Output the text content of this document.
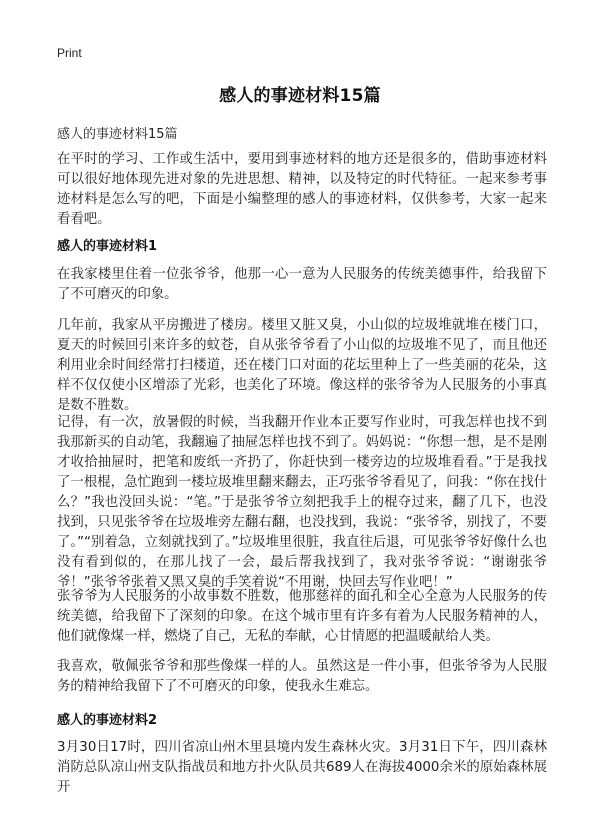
Print
感人的事迹材料15篇
感人的事迹材料15篇

在平时的学习、工作或生活中，要用到事迹材料的地方还是很多的，借助事迹材料可以很好地体现先进对象的先进思想、精神，以及特定的时代特征。一起来参考事迹材料是怎么写的吧，下面是小编整理的感人的事迹材料，仅供参考，大家一起来看看吧。

感人的事迹材料1

在我家楼里住着一位张爷爷，他那一心一意为人民服务的传统美德事件，给我留下了不可磨灭的印象。

几年前，我家从平房搬进了楼房。楼里又脏又臭，小山似的垃圾堆就堆在楼门口，夏天的时候回引来许多的蚊苍，自从张爷爷看了小山似的垃圾堆不见了，而且他还利用业余时间经常打扫楼道，还在楼门口对面的花坛里种上了一些美丽的花朵，这样不仅仅使小区增添了光彩，也美化了环境。像这样的张爷爷为人民服务的小事真是数不胜数。

记得，有一次，放暑假的时候，当我翻开作业本正要写作业时，可我怎样也找不到我那新买的自动笔，我翻遍了抽屉怎样也找不到了。妈妈说：“你想一想，是不是刚才收拾抽屉时，把笔和废纸一齐扔了，你赶快到一楼旁边的垃圾堆看看。”于是我找了一根棍，急忙跑到一楼垃圾堆里翻来翻去，正巧张爷爷看见了，问我：“你在找什么？”我也没回头说：“笔。”于是张爷爷立刻把我手上的棍夺过来，翻了几下，也没找到，只见张爷爷在垃圾堆旁左翻右翻，也没找到，我说：“张爷爷，别找了，不要了。”“别着急，立刻就找到了。”垃圾堆里很脏，我直往后退，可见张爷爷好像什么也没有看到似的，在那儿找了一会，最后帮我找到了，我对张爷爷说：“谢谢张爷爷！”张爷爷张着又黑又臭的手笑着说“不用谢，快回去写作业吧！”

张爷爷为人民服务的小故事数不胜数，他那慈祥的面孔和全心全意为人民服务的传统美德，给我留下了深刻的印象。在这个城市里有许多有着为人民服务精神的人，他们就像煤一样，燃烧了自己，无私的奉献，心甘情愿的把温暖献给人类。

我喜欢，敬佩张爷爷和那些像煤一样的人。虽然这是一件小事，但张爷爷为人民服务的精神给我留下了不可磨灭的印象，使我永生难忘。

感人的事迹材料2

3月30日17时，四川省凉山州木里县境内发生森林火灾。3月31日下午，四川森林消防总队凉山州支队指战员和地方扑火队员共689人在海拔4000余米的原始森林展开
